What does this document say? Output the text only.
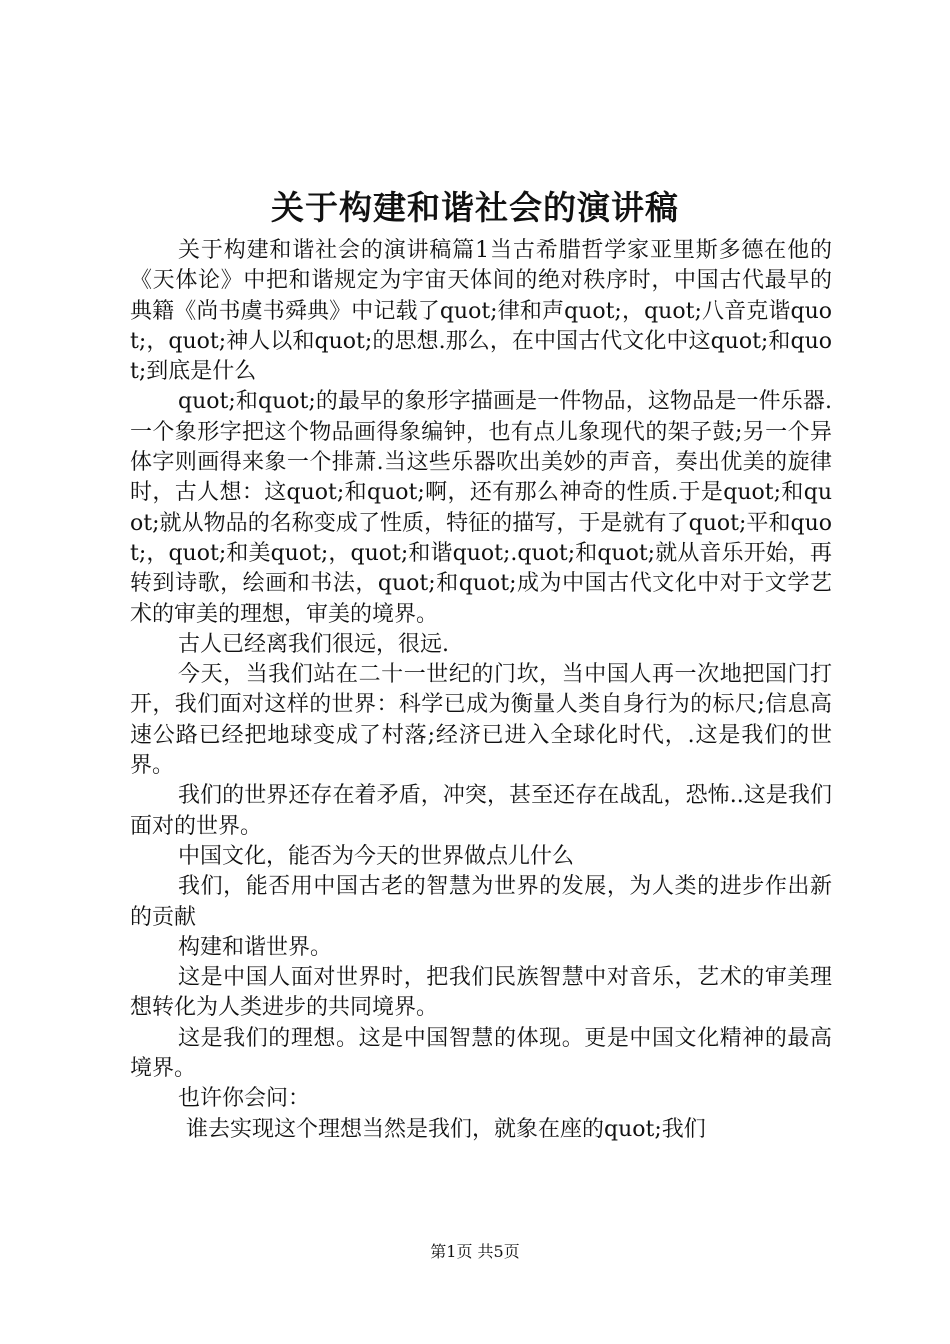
关于构建和谐社会的演讲稿

关于构建和谐社会的演讲稿篇1当古希腊哲学家亚里斯多德在他的《天体论》中把和谐规定为宇宙天体间的绝对秩序时，中国古代最早的典籍《尚书虞书舜典》中记载了quot;律和声quot;，quot;八音克谐quot;，quot;神人以和quot;的思想.那么，在中国古代文化中这quot;和quot;到底是什么

quot;和quot;的最早的象形字描画是一件物品，这物品是一件乐器.一个象形字把这个物品画得象编钟，也有点儿象现代的架子鼓;另一个异体字则画得来象一个排萧.当这些乐器吹出美妙的声音，奏出优美的旋律时，古人想：这quot;和quot;啊，还有那么神奇的性质.于是quot;和quot;就从物品的名称变成了性质，特征的描写，于是就有了quot;平和quot;，quot;和美quot;，quot;和谐quot;.quot;和quot;就从音乐开始，再转到诗歌，绘画和书法，quot;和quot;成为中国古代文化中对于文学艺术的审美的理想，审美的境界。

古人已经离我们很远，很远.

今天，当我们站在二十一世纪的门坎，当中国人再一次地把国门打开，我们面对这样的世界：科学已成为衡量人类自身行为的标尺;信息高速公路已经把地球变成了村落;经济已进入全球化时代，.这是我们的世界。

我们的世界还存在着矛盾，冲突，甚至还存在战乱，恐怖..这是我们面对的世界。

中国文化，能否为今天的世界做点儿什么

我们，能否用中国古老的智慧为世界的发展，为人类的进步作出新的贡献

构建和谐世界。

这是中国人面对世界时，把我们民族智慧中对音乐，艺术的审美理想转化为人类进步的共同境界。

这是我们的理想。这是中国智慧的体现。更是中国文化精神的最高境界。

也许你会问：

谁去实现这个理想当然是我们，就象在座的quot;我们

第1页 共5页
